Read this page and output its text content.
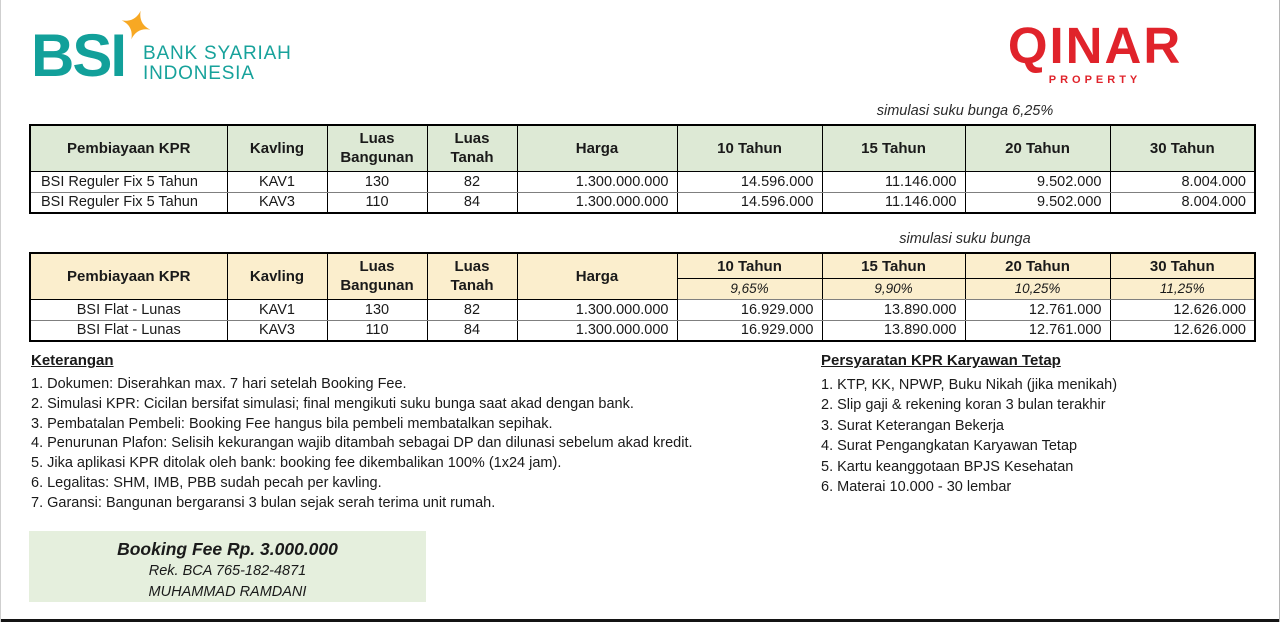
BSI BANK SYARIAH
INDONESIA	QINAR
PROPERTY
simulasi suku bunga 6,25%
Pembiayaan KPR	Kavling	Luas Bangunan	Luas Tanah	Harga	10 Tahun	15 Tahun	20 Tahun	30 Tahun
BSI Reguler Fix 5 Tahun	KAV1	130	82	1.300.000.000	14.596.000	11.146.000	9.502.000	8.004.000
BSI Reguler Fix 5 Tahun	KAV3	110	84	1.300.000.000	14.596.000	11.146.000	9.502.000	8.004.000
simulasi suku bunga
Pembiayaan KPR	Kavling	Luas Bangunan	Luas Tanah	Harga	10 Tahun	15 Tahun	20 Tahun	30 Tahun
					9,65%	9,90%	10,25%	11,25%
BSI Flat - Lunas	KAV1	130	82	1.300.000.000	16.929.000	13.890.000	12.761.000	12.626.000
BSI Flat - Lunas	KAV3	110	84	1.300.000.000	16.929.000	13.890.000	12.761.000	12.626.000
Keterangan
1. Dokumen: Diserahkan max. 7 hari setelah Booking Fee.
2. Simulasi KPR: Cicilan bersifat simulasi; final mengikuti suku bunga saat akad dengan bank.
3. Pembatalan Pembeli: Booking Fee hangus bila pembeli membatalkan sepihak.
4. Penurunan Plafon: Selisih kekurangan wajib ditambah sebagai DP dan dilunasi sebelum akad kredit.
5. Jika aplikasi KPR ditolak oleh bank: booking fee dikembalikan 100% (1x24 jam).
6. Legalitas: SHM, IMB, PBB sudah pecah per kavling.
7. Garansi: Bangunan bergaransi 3 bulan sejak serah terima unit rumah.
Persyaratan KPR Karyawan Tetap
1. KTP, KK, NPWP, Buku Nikah (jika menikah)
2. Slip gaji & rekening koran 3 bulan terakhir
3. Surat Keterangan Bekerja
4. Surat Pengangkatan Karyawan Tetap
5. Kartu keanggotaan BPJS Kesehatan
6. Materai 10.000 - 30 lembar
Booking Fee Rp. 3.000.000
Rek. BCA 765-182-4871
MUHAMMAD RAMDANI
